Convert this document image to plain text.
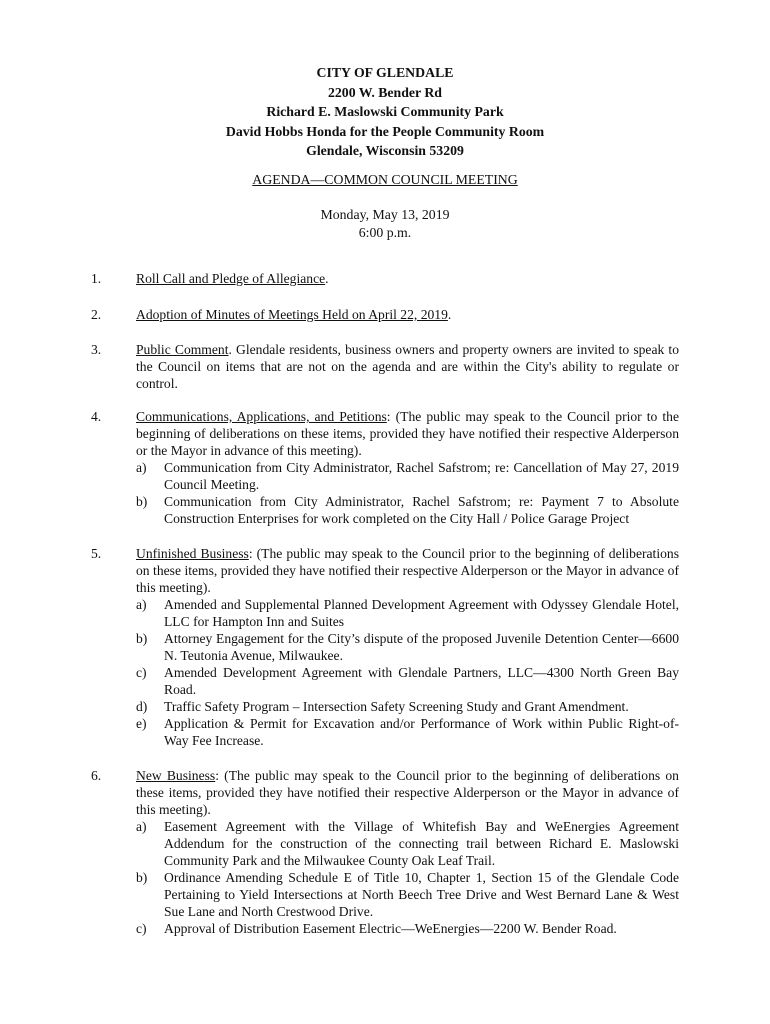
CITY OF GLENDALE
2200 W. Bender Rd
Richard E. Maslowski Community Park
David Hobbs Honda for the People Community Room
Glendale, Wisconsin 53209
AGENDA—COMMON COUNCIL MEETING
Monday, May 13, 2019
6:00 p.m.
1.	Roll Call and Pledge of Allegiance.
2.	Adoption of Minutes of Meetings Held on April 22, 2019.
3.	Public Comment. Glendale residents, business owners and property owners are invited to speak to the Council on items that are not on the agenda and are within the City's ability to regulate or control.
4.	Communications, Applications, and Petitions: (The public may speak to the Council prior to the beginning of deliberations on these items, provided they have notified their respective Alderperson or the Mayor in advance of this meeting).
a) Communication from City Administrator, Rachel Safstrom; re: Cancellation of May 27, 2019 Council Meeting.
b) Communication from City Administrator, Rachel Safstrom; re: Payment 7 to Absolute Construction Enterprises for work completed on the City Hall / Police Garage Project
5.	Unfinished Business: (The public may speak to the Council prior to the beginning of deliberations on these items, provided they have notified their respective Alderperson or the Mayor in advance of this meeting).
a) Amended and Supplemental Planned Development Agreement with Odyssey Glendale Hotel, LLC for Hampton Inn and Suites
b) Attorney Engagement for the City’s dispute of the proposed Juvenile Detention Center—6600 N. Teutonia Avenue, Milwaukee.
c) Amended Development Agreement with Glendale Partners, LLC—4300 North Green Bay Road.
d) Traffic Safety Program – Intersection Safety Screening Study and Grant Amendment.
e) Application & Permit for Excavation and/or Performance of Work within Public Right-of-Way Fee Increase.
6.	New Business: (The public may speak to the Council prior to the beginning of deliberations on these items, provided they have notified their respective Alderperson or the Mayor in advance of this meeting).
a) Easement Agreement with the Village of Whitefish Bay and WeEnergies Agreement Addendum for the construction of the connecting trail between Richard E. Maslowski Community Park and the Milwaukee County Oak Leaf Trail.
b) Ordinance Amending Schedule E of Title 10, Chapter 1, Section 15 of the Glendale Code Pertaining to Yield Intersections at North Beech Tree Drive and West Bernard Lane & West Sue Lane and North Crestwood Drive.
c) Approval of Distribution Easement Electric—WeEnergies—2200 W. Bender Road.
